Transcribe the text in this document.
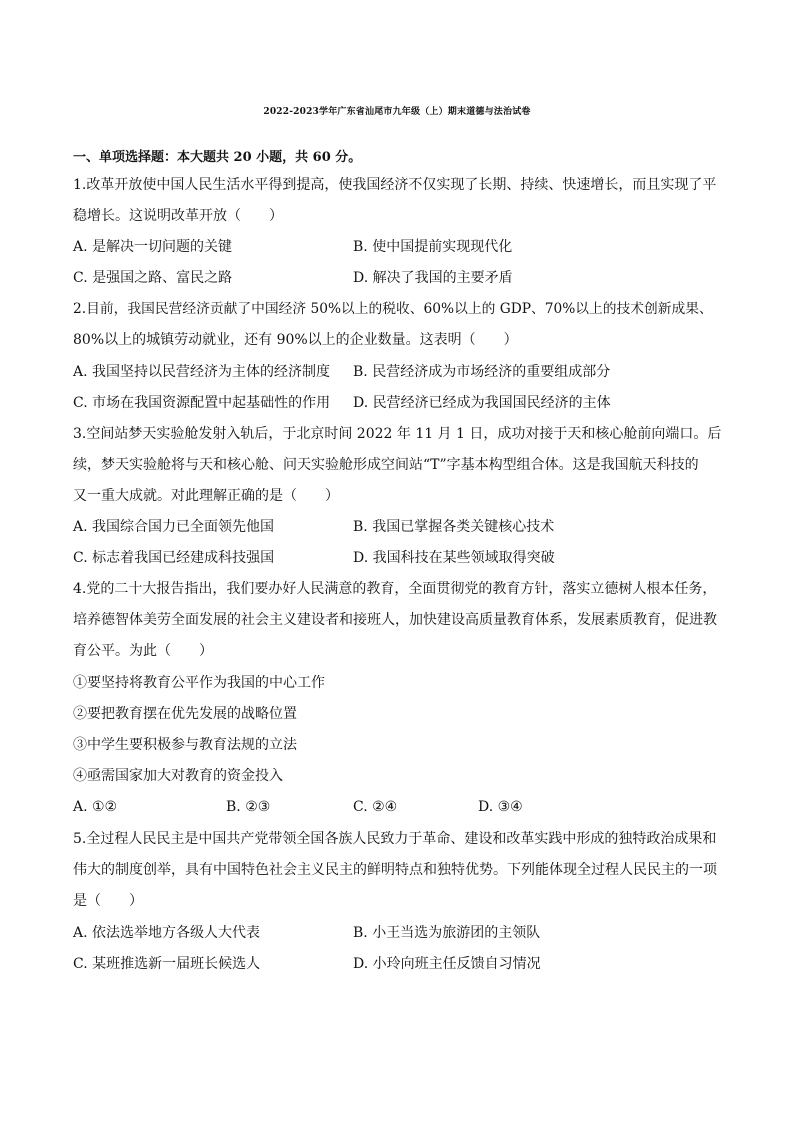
2022-2023学年广东省汕尾市九年级（上）期末道德与法治试卷
一、单项选择题：本大题共 20 小题，共 60 分。
1.改革开放使中国人民生活水平得到提高，使我国经济不仅实现了长期、持续、快速增长，而且实现了平
稳增长。这说明改革开放（　　）
A. 是解决一切问题的关键	B. 使中国提前实现现代化
C. 是强国之路、富民之路	D. 解决了我国的主要矛盾
2.目前，我国民营经济贡献了中国经济 50%以上的税收、60%以上的 GDP、70%以上的技术创新成果、
80%以上的城镇劳动就业，还有 90%以上的企业数量。这表明（　　）
A. 我国坚持以民营经济为主体的经济制度 B. 民营经济成为市场经济的重要组成部分
C. 市场在我国资源配置中起基础性的作用 D. 民营经济已经成为我国国民经济的主体
3.空间站梦天实验舱发射入轨后，于北京时间 2022 年 11 月 1 日，成功对接于天和核心舱前向端口。后
续，梦天实验舱将与天和核心舱、问天实验舱形成空间站“T”字基本构型组合体。这是我国航天科技的
又一重大成就。对此理解正确的是（　　）
A. 我国综合国力已全面领先他国	B. 我国已掌握各类关键核心技术
C. 标志着我国已经建成科技强国	D. 我国科技在某些领域取得突破
4.党的二十大报告指出，我们要办好人民满意的教育，全面贯彻党的教育方针，落实立德树人根本任务，
培养德智体美劳全面发展的社会主义建设者和接班人，加快建设高质量教育体系，发展素质教育，促进教
育公平。为此（　　）
①要坚持将教育公平作为我国的中心工作
②要把教育摆在优先发展的战略位置
③中学生要积极参与教育法规的立法
④亟需国家加大对教育的资金投入
A. ①②	B. ②③	C. ②④	D. ③④
5.全过程人民民主是中国共产党带领全国各族人民致力于革命、建设和改革实践中形成的独特政治成果和
伟大的制度创举，具有中国特色社会主义民主的鲜明特点和独特优势。下列能体现全过程人民民主的一项
是（　　）
A. 依法选举地方各级人大代表	B. 小王当选为旅游团的主领队
C. 某班推选新一届班长候选人	D. 小玲向班主任反馈自习情况
